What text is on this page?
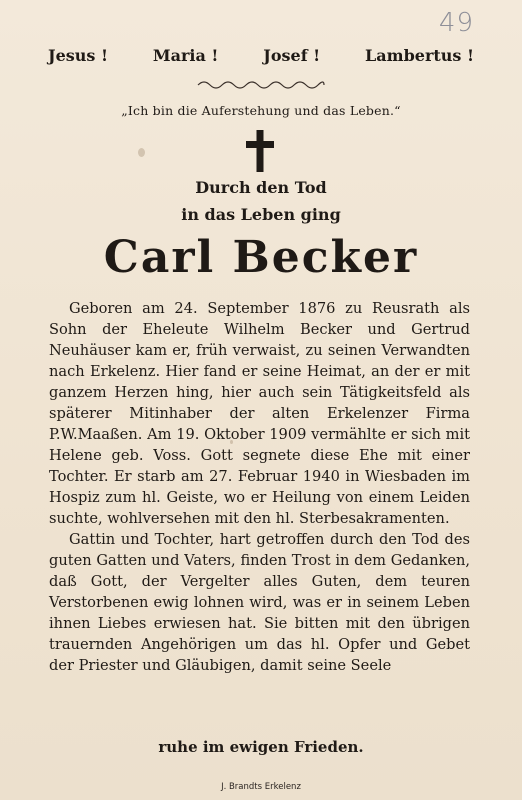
49
Jesus !	Maria !	Josef !	Lambertus !
„Ich bin die Auferstehung und das Leben.“
Durch den Tod
in das Leben ging
Carl Becker

Geboren am 24. September 1876 zu Reusrath als Sohn der Eheleute Wilhelm Becker und Gertrud Neuhäuser kam er, früh verwaist, zu seinen Verwandten nach Erkelenz. Hier fand er seine Heimat, an der er mit ganzem Herzen hing, hier auch sein Tätigkeitsfeld als späterer Mitinhaber der alten Erkelenzer Firma P.W.Maaßen. Am 19. Oktober 1909 vermählte er sich mit Helene geb. Voss. Gott segnete diese Ehe mit einer Tochter. Er starb am 27. Februar 1940 in Wiesbaden im Hospiz zum hl. Geiste, wo er Heilung von einem Leiden suchte, wohlversehen mit den hl. Sterbesakramenten.

Gattin und Tochter, hart getroffen durch den Tod des guten Gatten und Vaters, finden Trost in dem Gedanken, daß Gott, der Vergelter alles Guten, dem teuren Verstorbenen ewig lohnen wird, was er in seinem Leben ihnen Liebes erwiesen hat. Sie bitten mit den übrigen trauernden Angehörigen um das hl. Opfer und Gebet der Priester und Gläubigen, damit seine Seele

ruhe im ewigen Frieden.
J. Brandts Erkelenz
